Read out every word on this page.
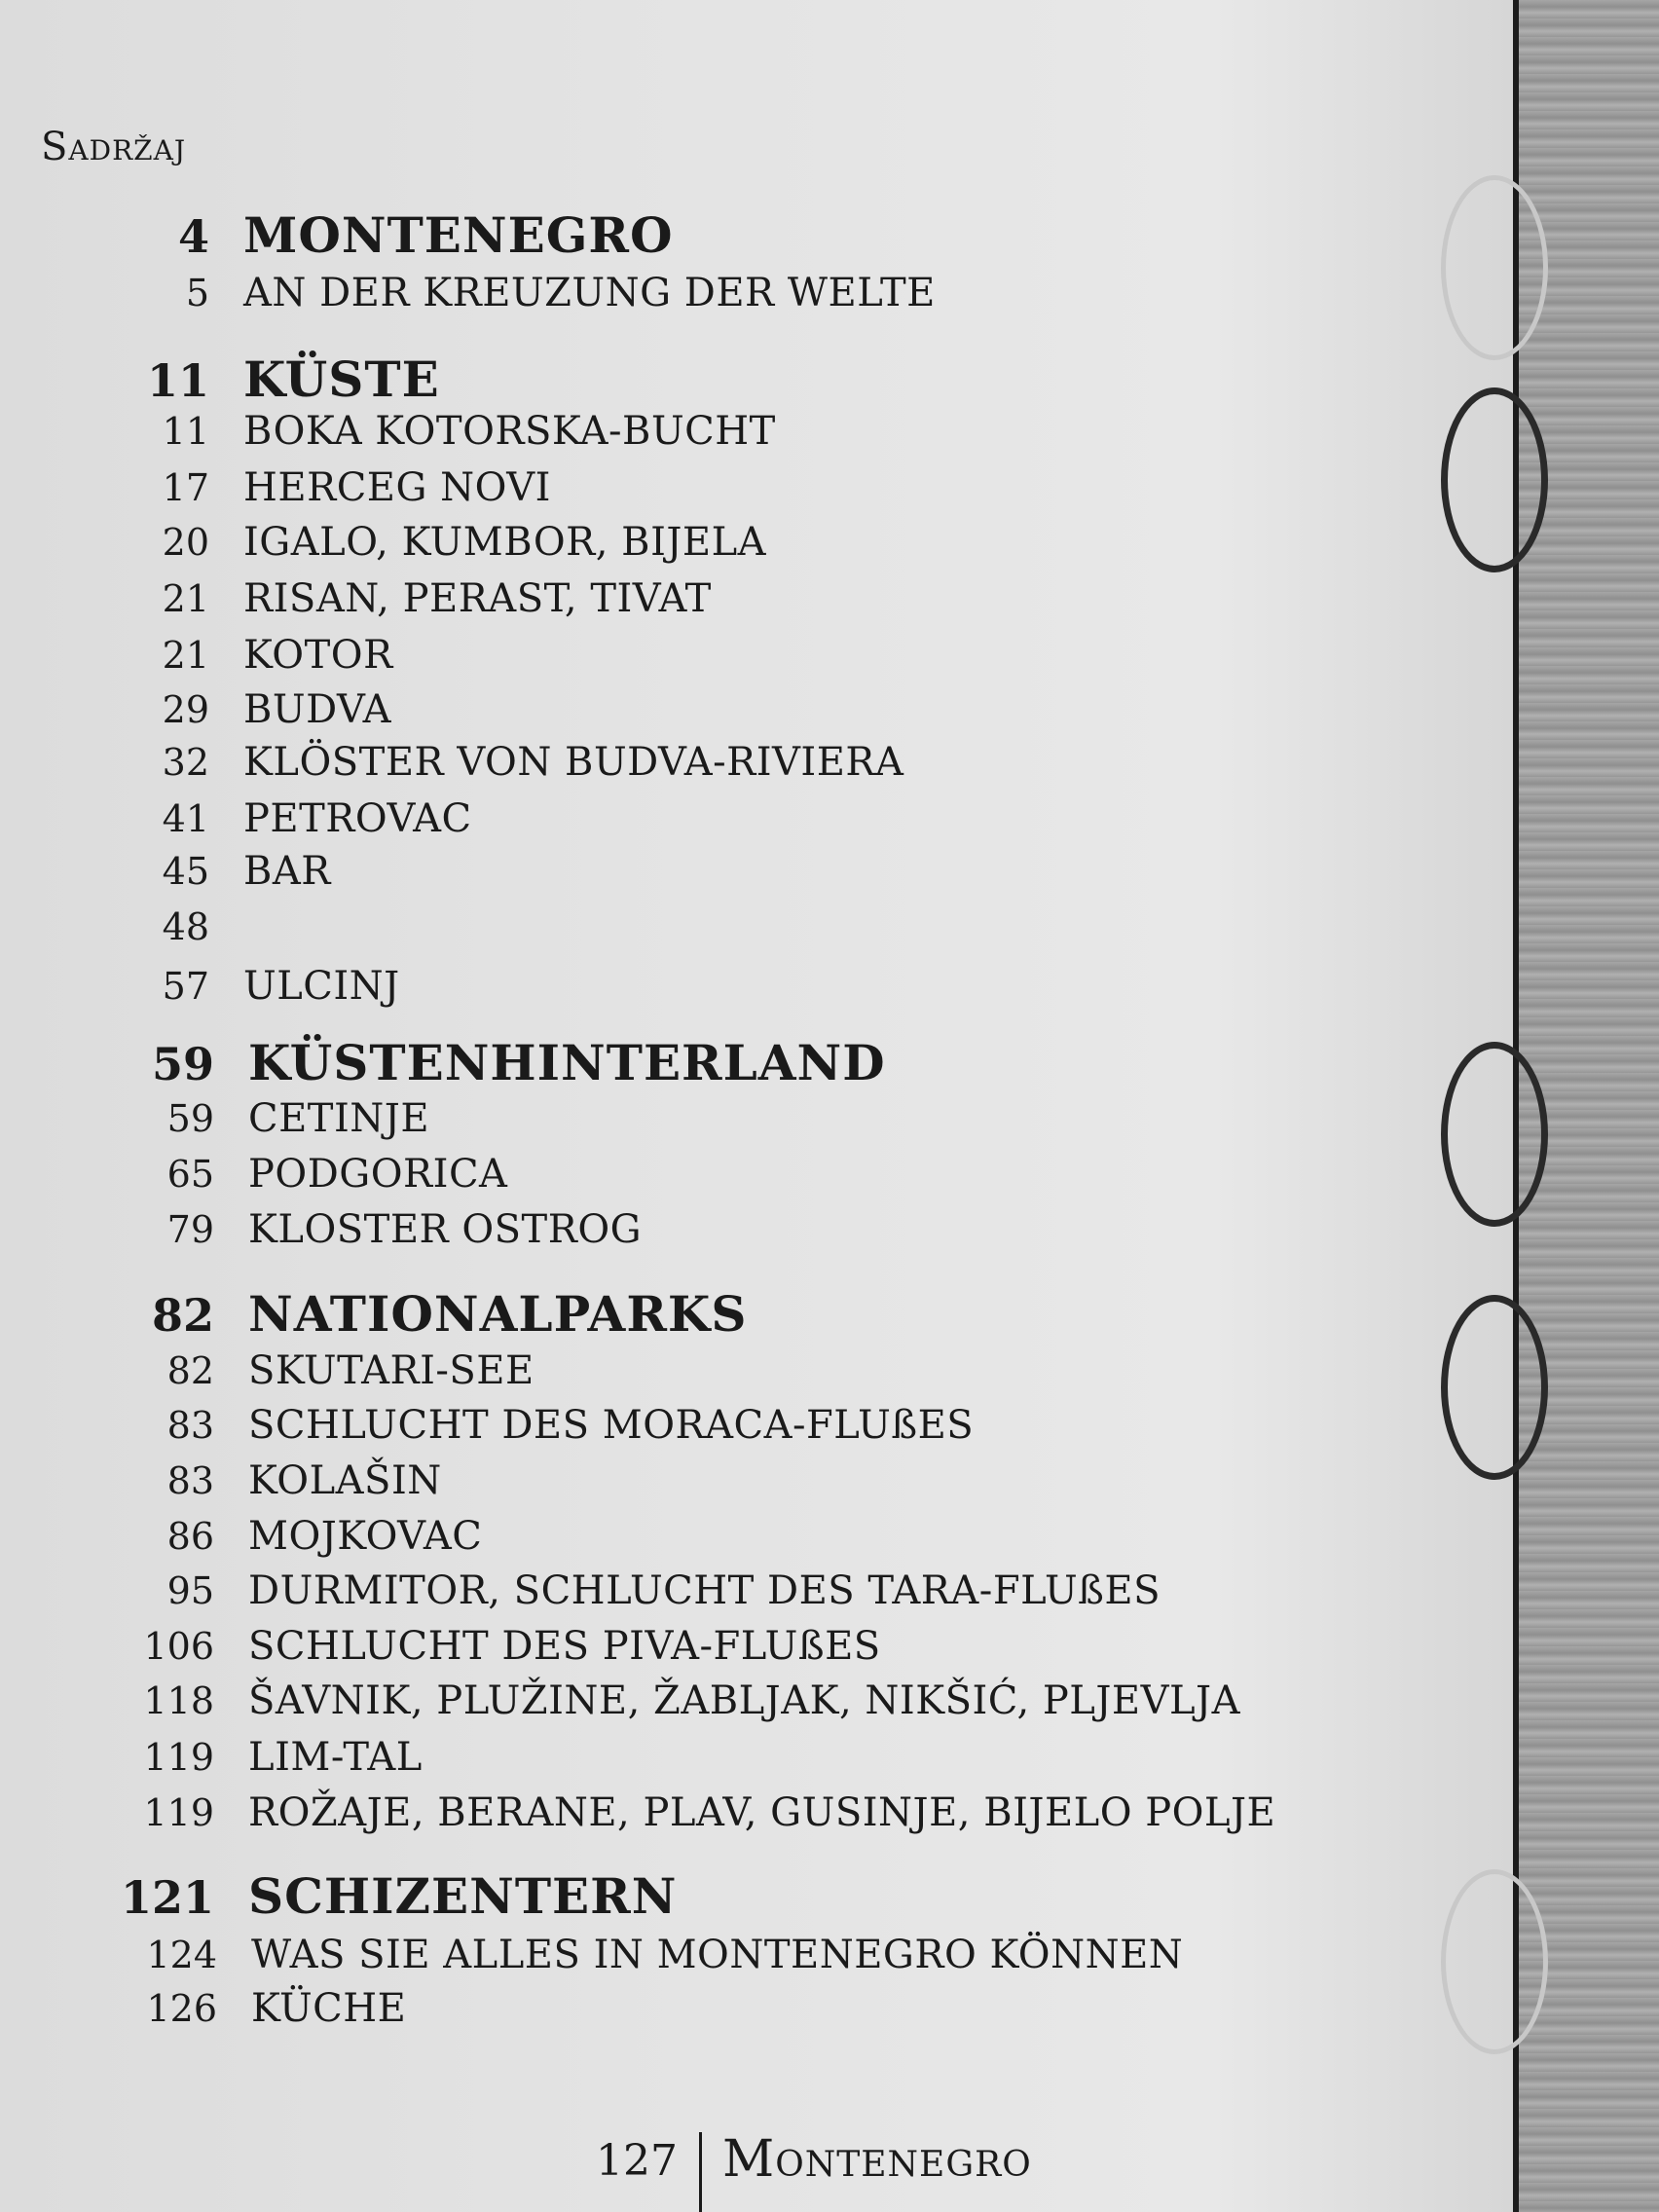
Sadržaj
4 MONTENEGRO
5 AN DER KREUZUNG DER WELTE
11 KÜSTE
11 BOKA KOTORSKA-BUCHT
17 HERCEG NOVI
20 IGALO, KUMBOR, BIJELA
21 RISAN, PERAST, TIVAT
21 KOTOR
29 BUDVA
32 KLÖSTER VON BUDVA-RIVIERA
41 PETROVAC
45 BAR
48
57 ULCINJ
59 KÜSTENHINTERLAND
59 CETINJE
65 PODGORICA
79 KLOSTER OSTROG
82 NATIONALPARKS
82 SKUTARI-SEE
83 SCHLUCHT DES MORACA-FLUßES
83 KOLAŠIN
86 MOJKOVAC
95 DURMITOR, SCHLUCHT DES TARA-FLUßES
106 SCHLUCHT DES PIVA-FLUßES
118 ŠAVNIK, PLUŽINE, ŽABLJAK, NIKŠIĆ, PLJEVLJA
119 LIM-TAL
119 ROŽAJE, BERANE, PLAV, GUSINJE, BIJELO POLJE
121 SCHIZENTERN
124 WAS SIE ALLES IN MONTENEGRO KÖNNEN
126 KÜCHE
127 Montenegro
